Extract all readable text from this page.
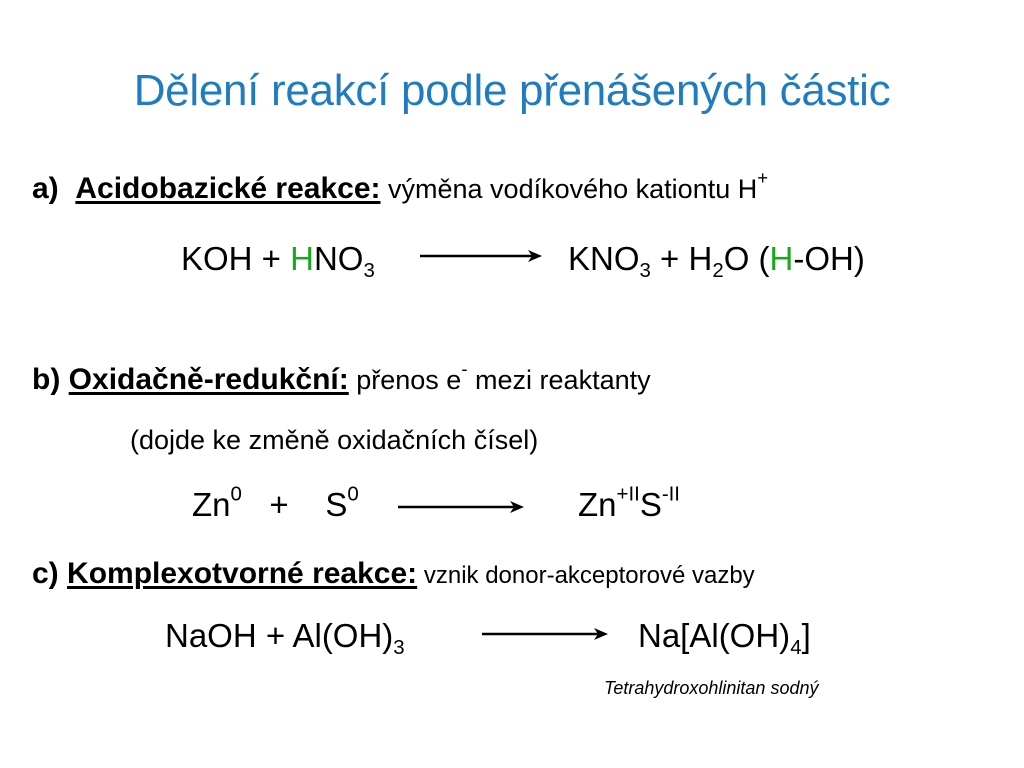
Dělení reakcí podle přenášených částic
a) Acidobazické reakce: výměna vodíkového kationtu H+
KOH + $HNO_3$	$KNO_3 + H_2O$ (H-OH)
b) Oxidačně-redukční: přenos e- mezi reaktanty
(dojde ke změně oxidačních čísel)
$Zn^0 + S^0$	$Zn^{+II}S^{-II}$
c) Komplexotvorné reakce: vznik donor-akceptorové vazby
NaOH + $Al(OH)_3$	$Na[Al(OH)_4]$
Tetrahydroxohlinitan sodný
